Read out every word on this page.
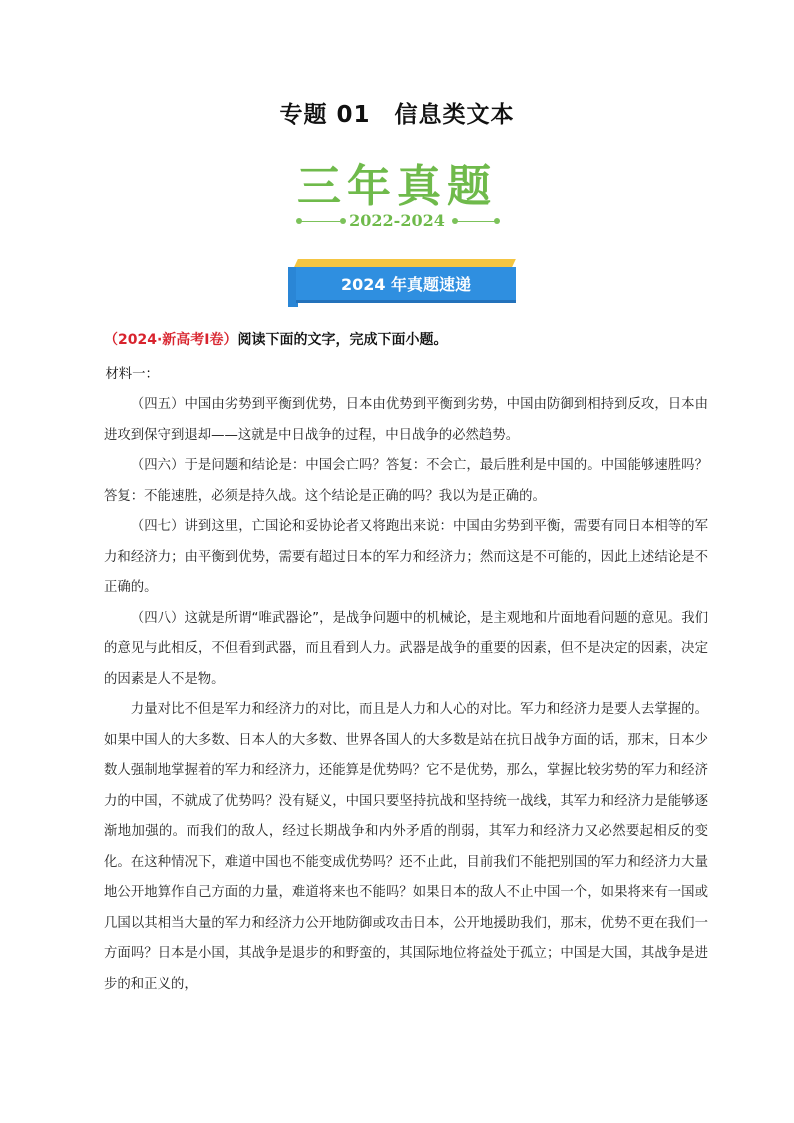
专题 01　信息类文本
三年真题
2022-2024
2024 年真题速递
（2024·新高考Ⅰ卷）阅读下面的文字，完成下面小题。
材料一：

（四五）中国由劣势到平衡到优势，日本由优势到平衡到劣势，中国由防御到相持到反攻，日本由进攻到保守到退却——这就是中日战争的过程，中日战争的必然趋势。

（四六）于是问题和结论是：中国会亡吗？答复：不会亡，最后胜利是中国的。中国能够速胜吗？答复：不能速胜，必须是持久战。这个结论是正确的吗？我以为是正确的。

（四七）讲到这里，亡国论和妥协论者又将跑出来说：中国由劣势到平衡，需要有同日本相等的军力和经济力；由平衡到优势，需要有超过日本的军力和经济力；然而这是不可能的，因此上述结论是不正确的。

（四八）这就是所谓“唯武器论”，是战争问题中的机械论，是主观地和片面地看问题的意见。我们的意见与此相反，不但看到武器，而且看到人力。武器是战争的重要的因素，但不是决定的因素，决定的因素是人不是物。

力量对比不但是军力和经济力的对比，而且是人力和人心的对比。军力和经济力是要人去掌握的。如果中国人的大多数、日本人的大多数、世界各国人的大多数是站在抗日战争方面的话，那末，日本少数人强制地掌握着的军力和经济力，还能算是优势吗？它不是优势，那么，掌握比较劣势的军力和经济力的中国，不就成了优势吗？没有疑义，中国只要坚持抗战和坚持统一战线，其军力和经济力是能够逐渐地加强的。而我们的敌人，经过长期战争和内外矛盾的削弱，其军力和经济力又必然要起相反的变化。在这种情况下，难道中国也不能变成优势吗？还不止此，目前我们不能把别国的军力和经济力大量地公开地算作自己方面的力量，难道将来也不能吗？如果日本的敌人不止中国一个，如果将来有一国或几国以其相当大量的军力和经济力公开地防御或攻击日本，公开地援助我们，那末，优势不更在我们一方面吗？日本是小国，其战争是退步的和野蛮的，其国际地位将益处于孤立；中国是大国，其战争是进步的和正义的，
